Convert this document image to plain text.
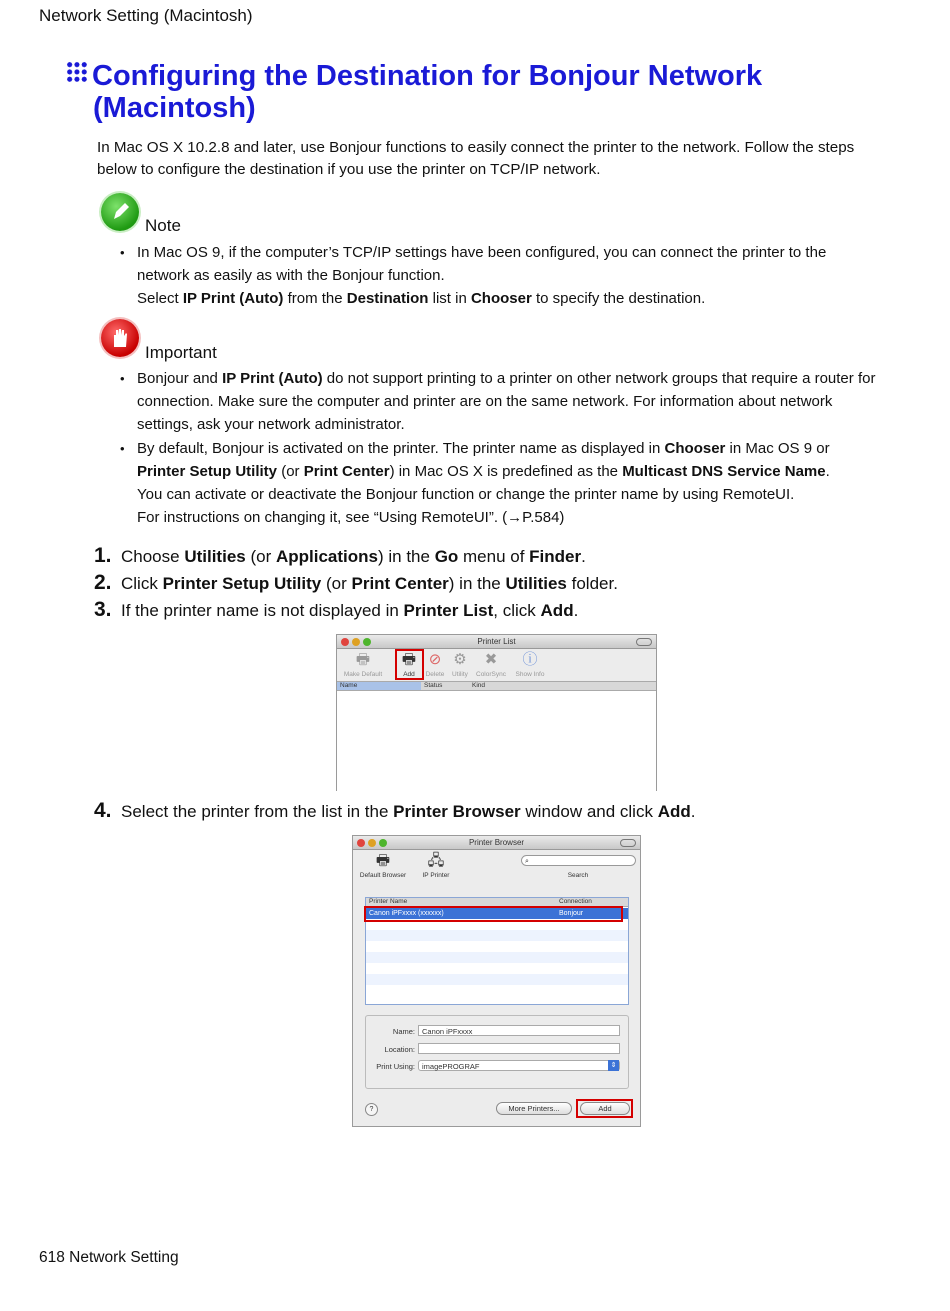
Network Setting (Macintosh)
Configuring the Destination for Bonjour Network
(Macintosh)
In Mac OS X 10.2.8 and later, use Bonjour functions to easily connect the printer to the network. Follow the steps below to configure the destination if you use the printer on TCP/IP network.
Note
• In Mac OS 9, if the computer’s TCP/IP settings have been configured, you can connect the printer to the network as easily as with the Bonjour function.
Select IP Print (Auto) from the Destination list in Chooser to specify the destination.
Important
• Bonjour and IP Print (Auto) do not support printing to a printer on other network groups that require a router for connection. Make sure the computer and printer are on the same network. For information about network settings, ask your network administrator.
• By default, Bonjour is activated on the printer. The printer name as displayed in Chooser in Mac OS 9 or Printer Setup Utility (or Print Center) in Mac OS X is predefined as the Multicast DNS Service Name.
You can activate or deactivate the Bonjour function or change the printer name by using RemoteUI.
For instructions on changing it, see “Using RemoteUI”. (→P.584)
1. Choose Utilities (or Applications) in the Go menu of Finder.
2. Click Printer Setup Utility (or Print Center) in the Utilities folder.
3. If the printer name is not displayed in Printer List, click Add.
Printer List
🖶
Make Default
🖶
Add
⊘
Delete
⚙
Utility
✖
ColorSync
ⓘ
Show Info
Name	Status	Kind
4. Select the printer from the list in the Printer Browser window and click Add.
Printer Browser
🖶
Default Browser
🖧
IP Printer
⌕
Search
Printer Name	Connection
Canon iPFxxxx (xxxxxx)	Bonjour
Name: Canon iPFxxxx
Location:
Print Using: imagePROGRAF	⇕
?	More Printers...	Add
618 Network Setting
